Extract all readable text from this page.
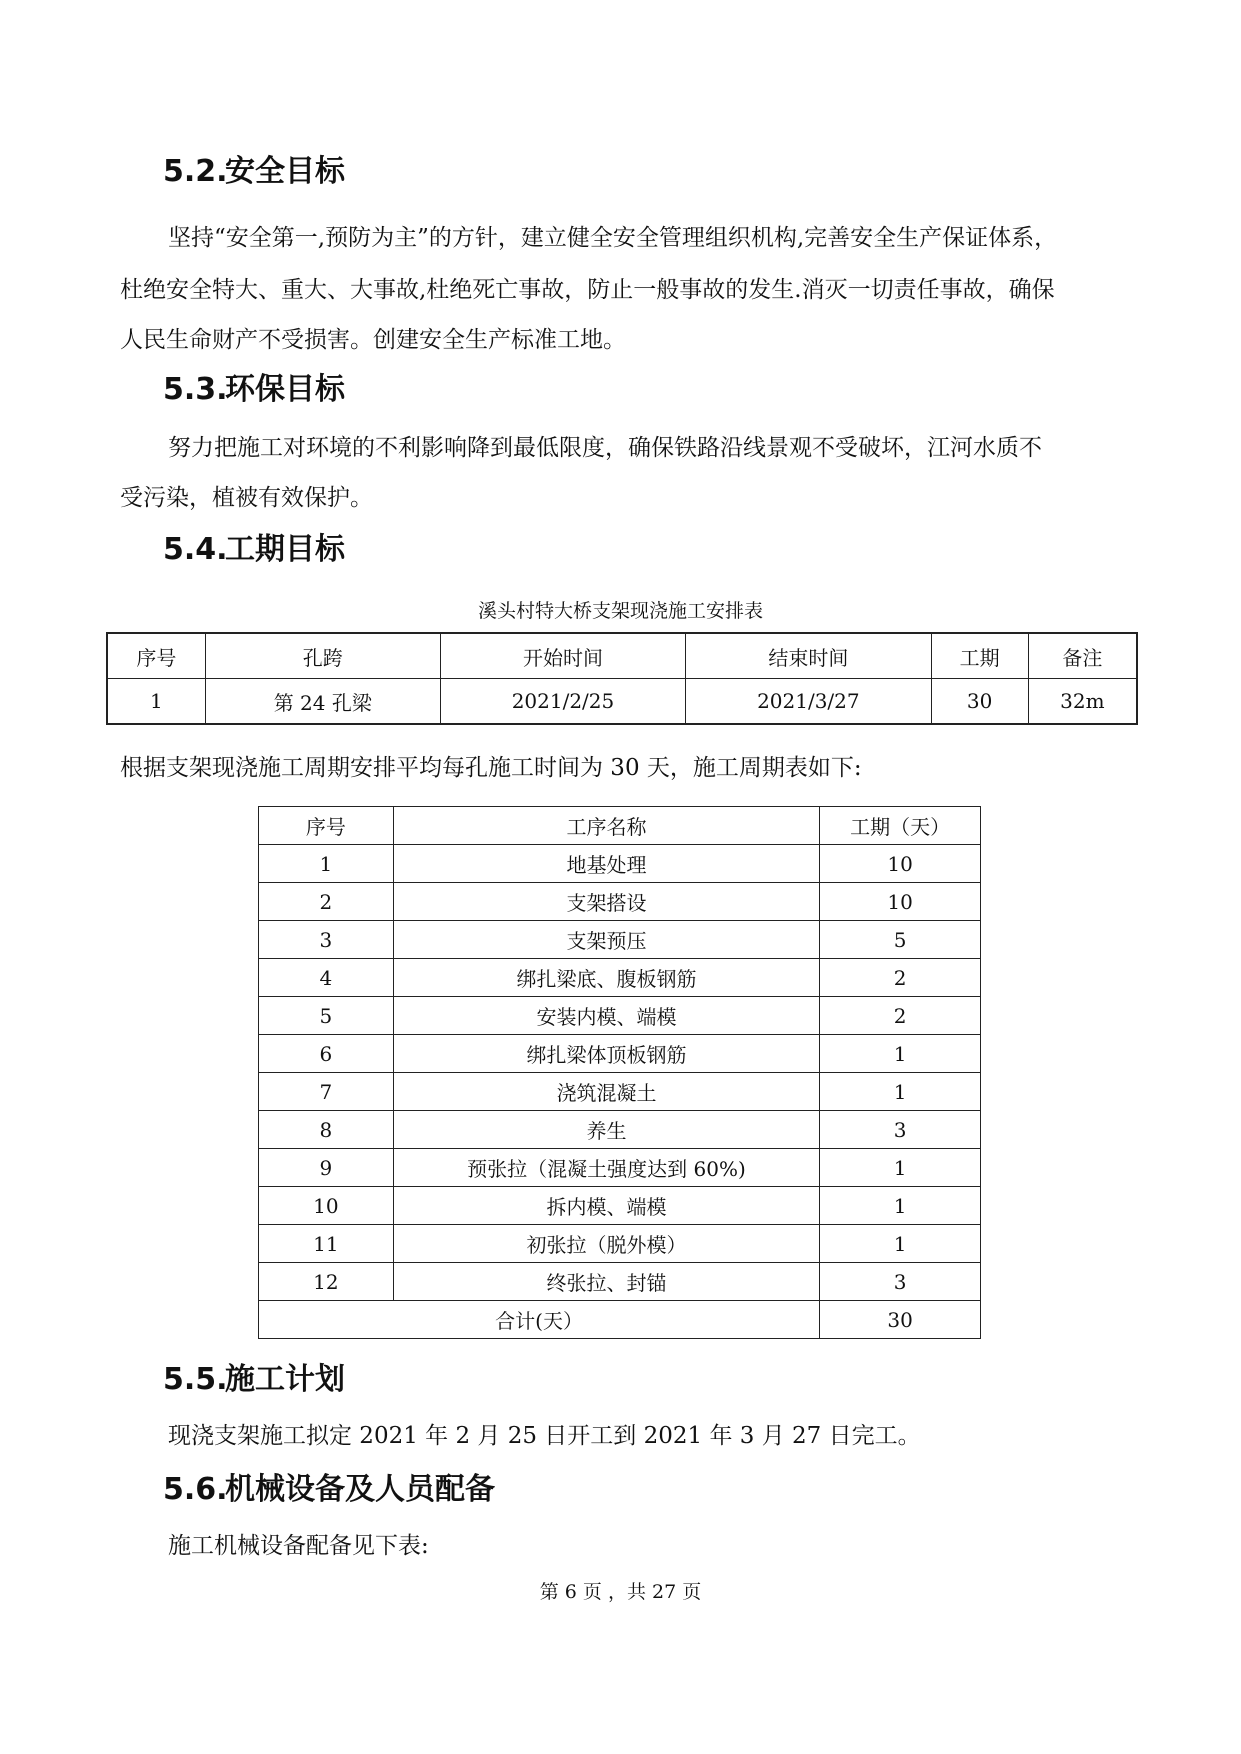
5.2.安全目标
坚持“安全第一,预防为主”的方针，建立健全安全管理组织机构,完善安全生产保证体系，
杜绝安全特大、重大、大事故,杜绝死亡事故，防止一般事故的发生.消灭一切责任事故，确保
人民生命财产不受损害。创建安全生产标准工地。
5.3.环保目标
努力把施工对环境的不利影响降到最低限度，确保铁路沿线景观不受破坏，江河水质不
受污染，植被有效保护。
5.4.工期目标
溪头村特大桥支架现浇施工安排表
序号	孔跨	开始时间	结束时间	工期	备注
1	第 24 孔梁	2021/2/25	2021/3/27	30	32m
根据支架现浇施工周期安排平均每孔施工时间为 30 天，施工周期表如下:
序号	工序名称	工期（天）
1	地基处理	10
2	支架搭设	10
3	支架预压	5
4	绑扎梁底、腹板钢筋	2
5	安装内模、端模	2
6	绑扎梁体顶板钢筋	1
7	浇筑混凝土	1
8	养生	3
9	预张拉（混凝土强度达到 60%)	1
10	拆内模、端模	1
11	初张拉（脱外模）	1
12	终张拉、封锚	3
合计(天）		30
5.5.施工计划
现浇支架施工拟定 2021 年 2 月 25 日开工到 2021 年 3 月 27 日完工。
5.6.机械设备及人员配备
施工机械设备配备见下表:
第 6 页 ，共 27 页
